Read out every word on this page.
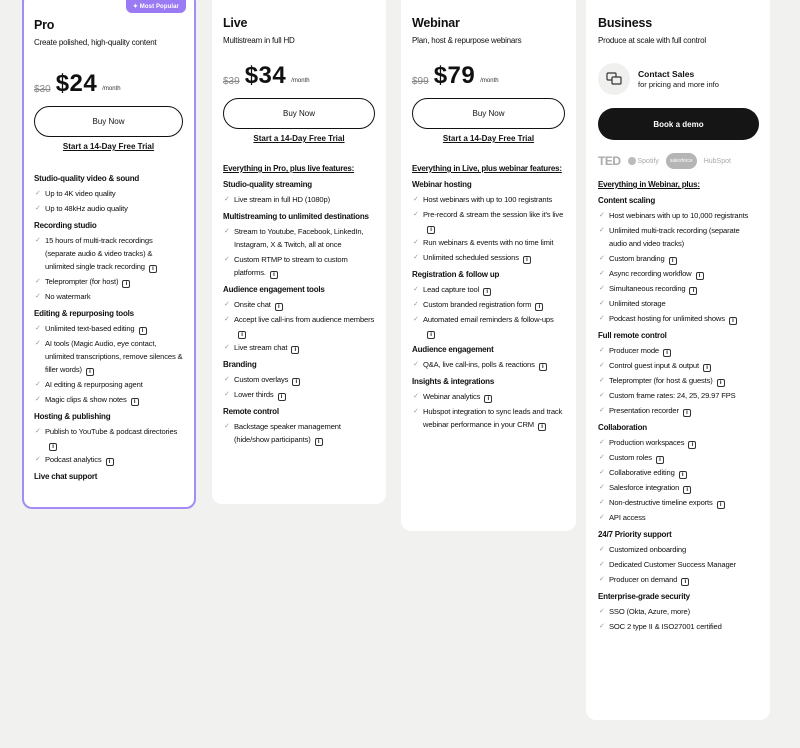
✦ Most Popular
Pro
Create polished, high-quality content
$30 $24 /month
Buy Now
Start a 14-Day Free Trial
Studio-quality video & sound
✓ Up to 4K video quality
✓ Up to 48kHz audio quality
Recording studio
✓ 15 hours of multi-track recordings (separate audio & video tracks) & unlimited single track recording i
✓ Teleprompter (for host) i
✓ No watermark
Editing & repurposing tools
✓ Unlimited text-based editing i
✓ AI tools (Magic Audio, eye contact, unlimited transcriptions, remove silences & filler words) i
✓ AI editing & repurposing agent
✓ Magic clips & show notes i
Hosting & publishing
✓ Publish to YouTube & podcast directoriesi
✓ Podcast analytics i
Live chat support
Live
Multistream in full HD
$39 $34 /month
Buy Now
Start a 14-Day Free Trial
Everything in Pro, plus live features:
Studio-quality streaming
✓ Live stream in full HD (1080p)
Multistreaming to unlimited destinations
✓ Stream to Youtube, Facebook, LinkedIn, Instagram, X & Twitch, all at once
✓ Custom RTMP to stream to custom platforms. i
Audience engagement tools
✓ Onsite chat i
✓ Accept live call-ins from audience membersi
✓ Live stream chat i
Branding
✓ Custom overlays i
✓ Lower thirds i
Remote control
✓ Backstage speaker management (hide/show participants) i
Webinar
Plan, host & repurpose webinars
$99 $79 /month
Buy Now
Start a 14-Day Free Trial
Everything in Live, plus webinar features:
Webinar hosting
✓ Host webinars with up to 100 registrants
✓ Pre-record & stream the session like it's livei
✓ Run webinars & events with no time limit
✓ Unlimited scheduled sessions i
Registration & follow up
✓ Lead capture tool i
✓ Custom branded registration form i
✓ Automated email reminders & follow-upsi
Audience engagement
✓ Q&A, live call-ins, polls & reactions i
Insights & integrations
✓ Webinar analytics i
✓ Hubspot integration to sync leads and track webinar performance in your CRM i
Business
Produce at scale with full control
Contact Sales
for pricing and more info
Book a demo
TED Spotify	salesforce	HubSpot
Everything in Webinar, plus:
Content scaling
✓ Host webinars with up to 10,000 registrants
✓ Unlimited multi-track recording (separate audio and video tracks)
✓ Custom branding i
✓ Async recording workflow i
✓ Simultaneous recording i
✓ Unlimited storage
✓ Podcast hosting for unlimited shows i
Full remote control
✓ Producer mode i
✓ Control guest input & output i
✓ Teleprompter (for host & guests) i
✓ Custom frame rates: 24, 25, 29.97 FPS
✓ Presentation recorder i
Collaboration
✓ Production workspaces i
✓ Custom roles i
✓ Collaborative editing i
✓ Salesforce integration i
✓ Non-destructive timeline exports i
✓ API access
24/7 Priority support
✓ Customized onboarding
✓ Dedicated Customer Success Manager
✓ Producer on demand i
Enterprise-grade security
✓ SSO (Okta, Azure, more)
✓ SOC 2 type II & ISO27001 certified
